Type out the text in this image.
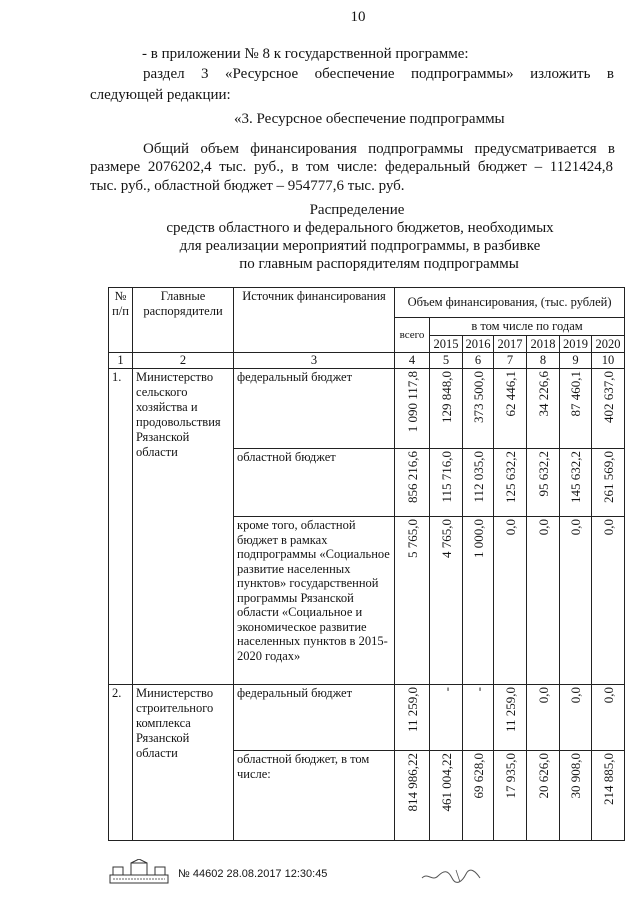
10
- в приложении № 8 к государственной программе:
раздел 3 «Ресурсное обеспечение подпрограммы» изложить в
следующей редакции:
«3. Ресурсное обеспечение подпрограммы
Общий объем финансирования подпрограммы предусматривается в
размере 2076202,4 тыс. руб., в том числе: федеральный бюджет – 1121424,8
тыс. руб., областной бюджет – 954777,6 тыс. руб.
Распределение
средств областного и федерального бюджетов, необходимых
для реализации мероприятий подпрограммы, в разбивке
по главным распорядителям подпрограммы
№ п/п	Главные распорядители	Источник финансирования	Объем финансирования, (тыс. рублей)						
			всего	в том числе по годам					
				2015	2016	2017	2018	2019	2020
1	2	3	4	5	6	7	8	9	10
1.	Министерство сельского хозяйства и продовольствия Рязанской области	федеральный бюджет	1 090 117,8	129 848,0	373 500,0	62 446,1	34 226,6	87 460,1	402 637,0

		областной бюджет	856 216,6	115 716,0	112 035,0	125 632,2	95 632,2	145 632,2	261 569,0

		кроме того, областной бюджет в рамках подпрограммы «Социальное развитие населенных пунктов» государственной программы Рязанской области «Социальное и экономическое развитие населенных пунктов в 2015-2020 годах»	5 765,0	4 765,0	1 000,0	0,0	0,0	0,0	0,0

2.	Министерство строительного комплекса Рязанской области	федеральный бюджет	11 259,0	-	-	11 259,0	0,0	0,0	0,0

		областной бюджет, в том числе:	814 986,22	461 004,22	69 628,0	17 935,0	20 626,0	30 908,0	214 885,0
№ 44602 28.08.2017 12:30:45
